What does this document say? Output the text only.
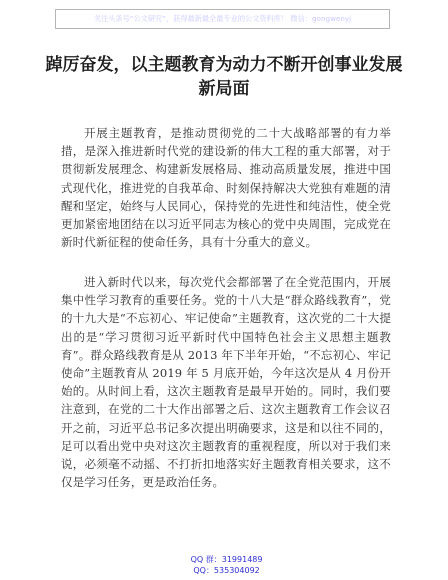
关注头条号“公文研究”，获得最新最全最专业的公文资料库！ 微信：gongwenyj
踔厉奋发，以主题教育为动力不断开创事业发展新局面

开展主题教育，是推动贯彻党的二十大战略部署的有力举措，是深入推进新时代党的建设新的伟大工程的重大部署，对于贯彻新发展理念、构建新发展格局、推动高质量发展，推进中国式现代化，推进党的自我革命、时刻保持解决大党独有难题的清醒和坚定，始终与人民同心，保持党的先进性和纯洁性，使全党更加紧密地团结在以习近平同志为核心的党中央周围，完成党在新时代新征程的使命任务，具有十分重大的意义。

进入新时代以来，每次党代会都部署了在全党范围内，开展集中性学习教育的重要任务。党的十八大是“群众路线教育”，党的十九大是“不忘初心、牢记使命”主题教育，这次党的二十大提出的是“学习贯彻习近平新时代中国特色社会主义思想主题教育”。群众路线教育是从 2013 年下半年开始，“不忘初心、牢记使命”主题教育从 2019 年 5 月底开始，今年这次是从 4 月份开始的。从时间上看，这次主题教育是最早开始的。同时，我们要注意到，在党的二十大作出部署之后、这次主题教育工作会议召开之前，习近平总书记多次提出明确要求，这是和以往不同的，足可以看出党中央对这次主题教育的重视程度，所以对于我们来说，必须毫不动摇、不打折扣地落实好主题教育相关要求，这不仅是学习任务，更是政治任务。

QQ 群：31991489
QQ：535304092
